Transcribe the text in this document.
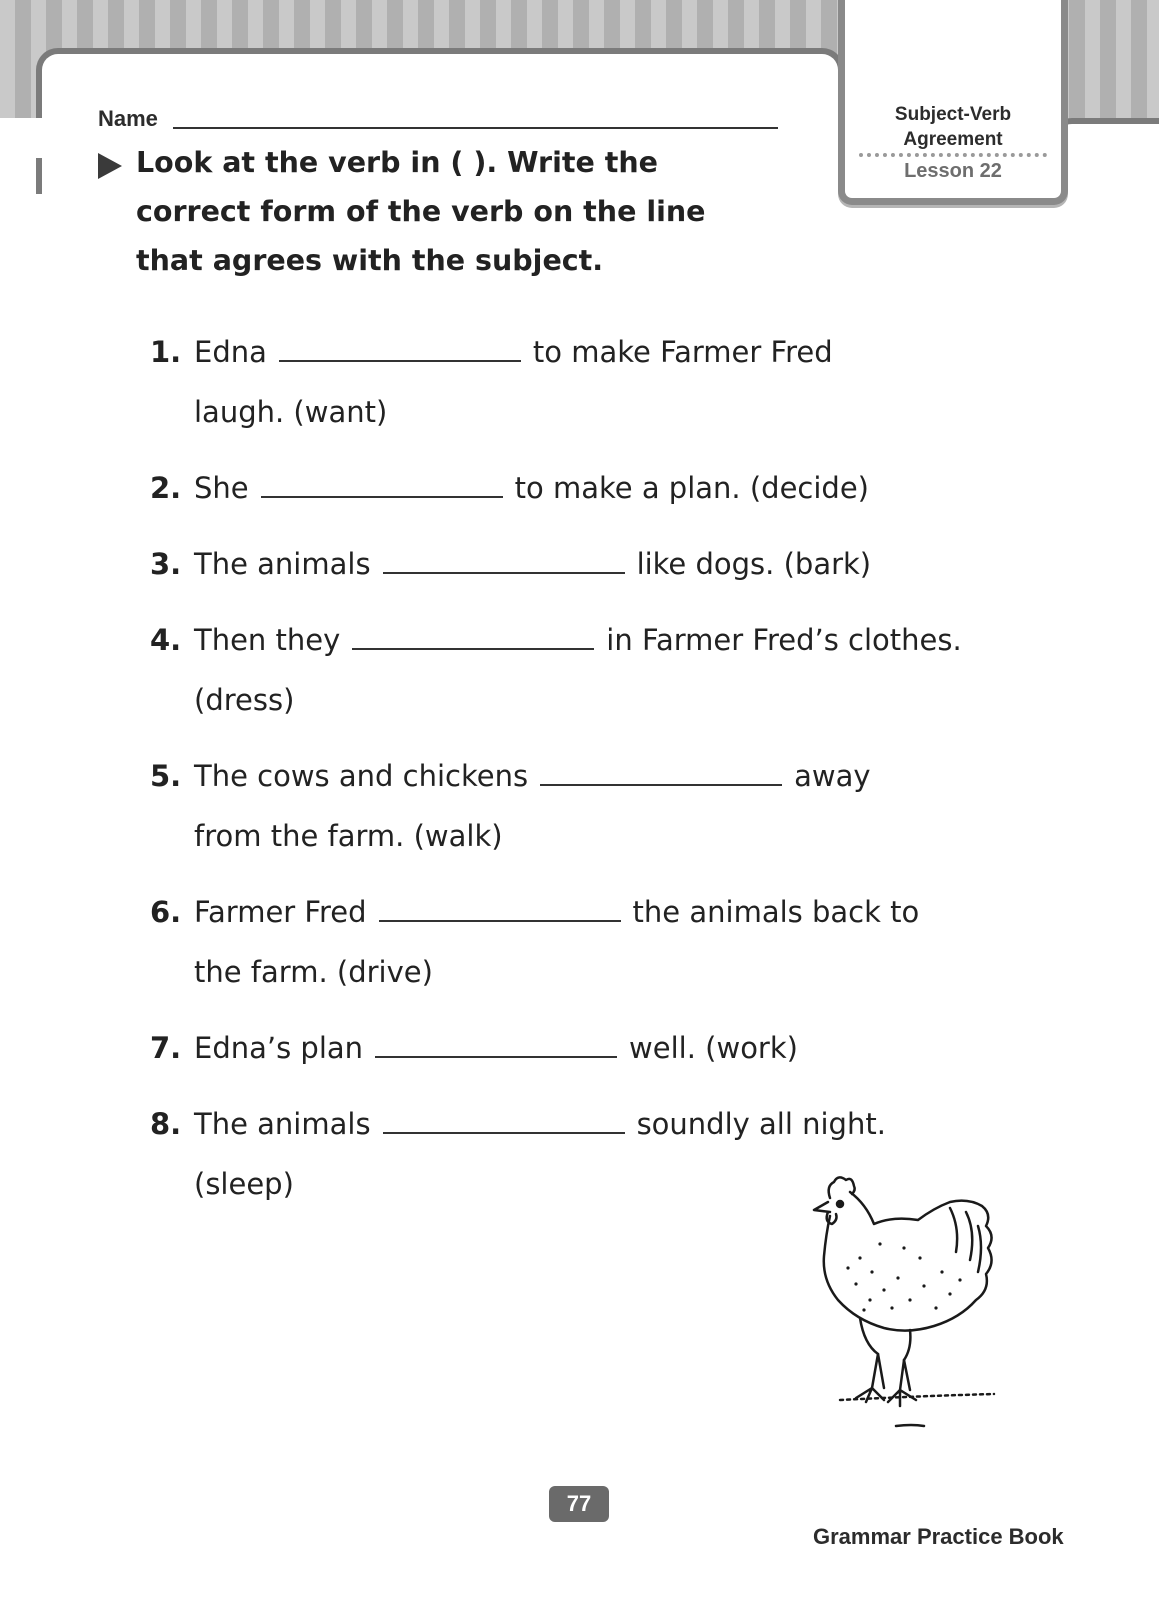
Subject-Verb
Agreement
Lesson 22
Name
Look at the verb in ( ). Write the correct form of the verb on the line that agrees with the subject.
1. Edna	to make Farmer Fred
laugh. (want)
2. She	to make a plan. (decide)
3. The animals	like dogs. (bark)
4. Then they	in Farmer Fred’s clothes.
(dress)
5. The cows and chickens	away
from the farm. (walk)
6. Farmer Fred	the animals back to
the farm. (drive)
7. Edna’s plan	well. (work)
8. The animals	soundly all night.
(sleep)
77
Grammar Practice Book
